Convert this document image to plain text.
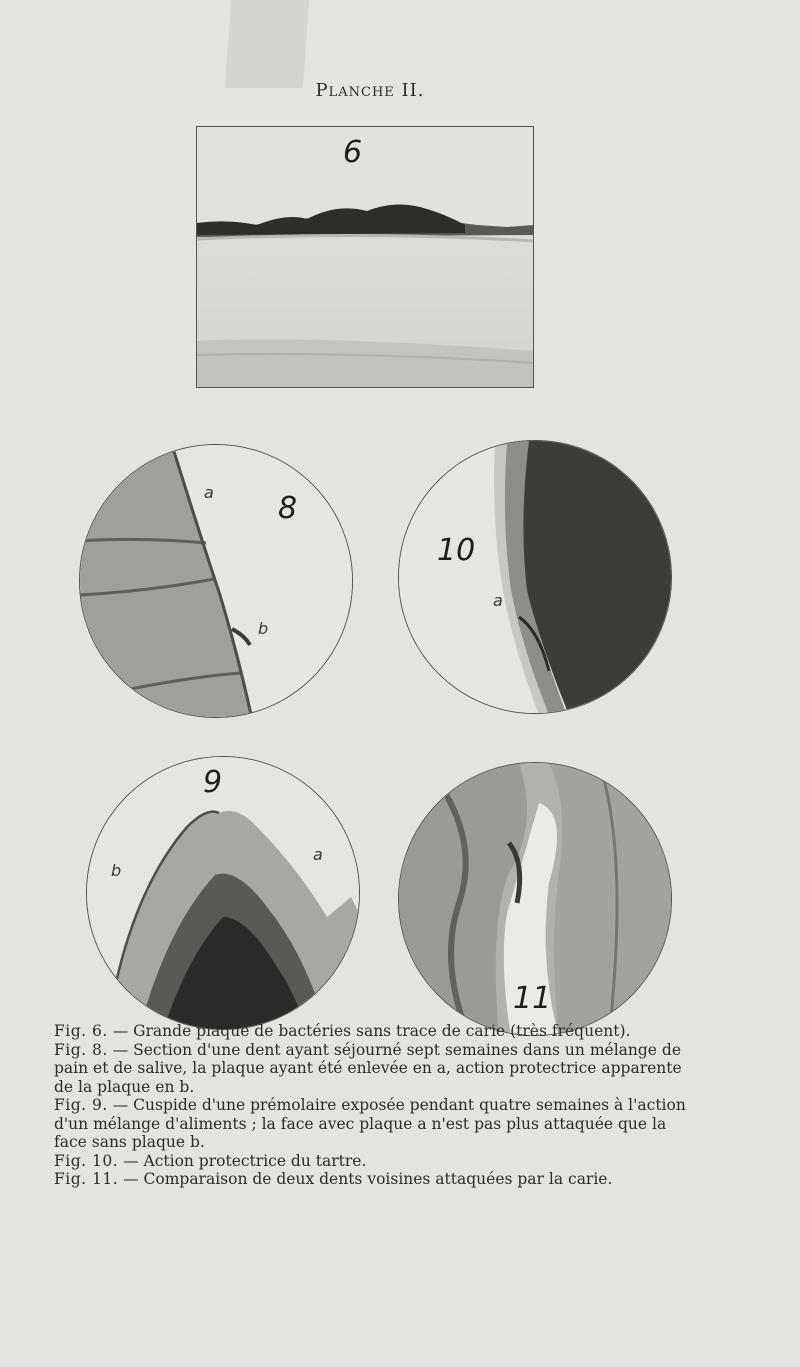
Planche II.
6
8
a
b
10
a
9
a
b
11

Fig. 6. — Grande plaque de bactéries sans trace de carie (très fréquent).

Fig. 8. — Section d'une dent ayant séjourné sept semaines dans un mélange de pain et de salive, la plaque ayant été enlevée en a, action protectrice apparente de la plaque en b.

Fig. 9. — Cuspide d'une prémolaire exposée pendant quatre semaines à l'action d'un mélange d'aliments ; la face avec plaque a n'est pas plus attaquée que la face sans plaque b.

Fig. 10. — Action protectrice du tartre.

Fig. 11. — Comparaison de deux dents voisines attaquées par la carie.
